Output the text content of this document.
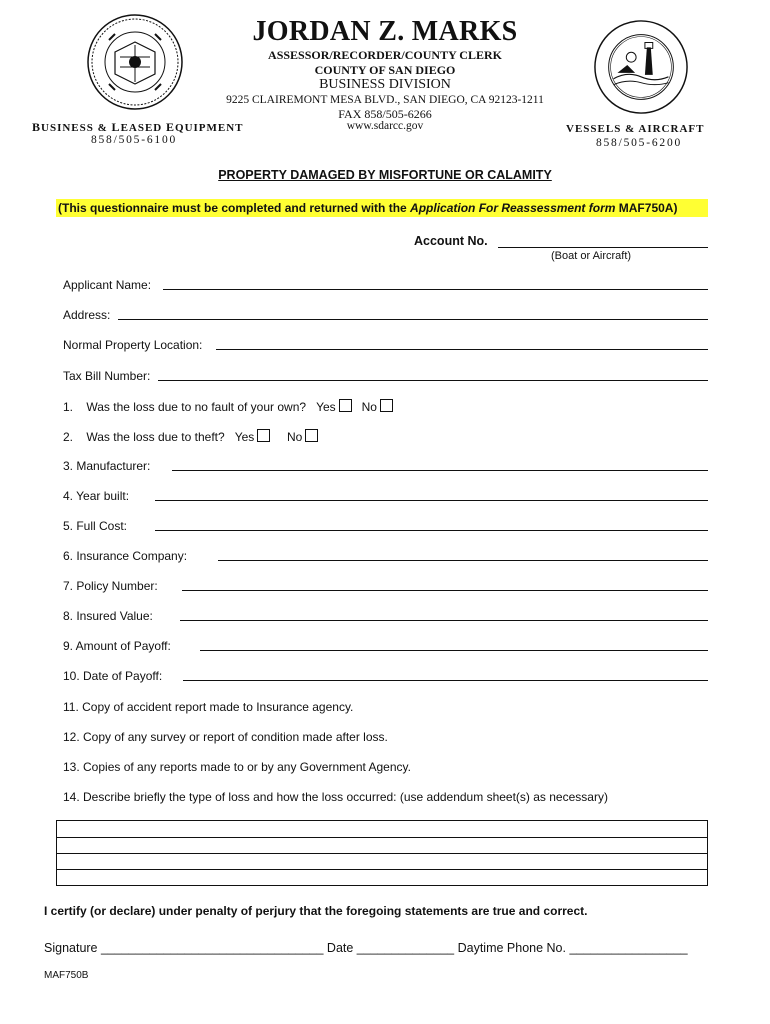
JORDAN Z. MARKS
ASSESSOR/RECORDER/COUNTY CLERK
COUNTY OF SAN DIEGO
BUSINESS DIVISION
9225 CLAIREMONT MESA BLVD., SAN DIEGO, CA 92123-1211
FAX 858/505-6266
www.sdarcc.gov
BUSINESS & LEASED EQUIPMENT
858/505-6100
VESSELS & AIRCRAFT
858/505-6200
PROPERTY DAMAGED BY MISFORTUNE OR CALAMITY
(This questionnaire must be completed and returned with the Application For Reassessment form MAF750A)
Account No.
(Boat or Aircraft)
Applicant Name:
Address:
Normal Property Location:
Tax Bill Number:
1. Was the loss due to no fault of your own? Yes No
2. Was the loss due to theft? Yes	No
3. Manufacturer:
4. Year built:
5. Full Cost:
6. Insurance Company:
7. Policy Number:
8. Insured Value:
9. Amount of Payoff:
10. Date of Payoff:
11. Copy of accident report made to Insurance agency.
12. Copy of any survey or report of condition made after loss.
13. Copies of any reports made to or by any Government Agency.
14. Describe briefly the type of loss and how the loss occurred: (use addendum sheet(s) as necessary)
I certify (or declare) under penalty of perjury that the foregoing statements are true and correct.
Signature ________________________________ Date ______________ Daytime Phone No. _________________
MAF750B
